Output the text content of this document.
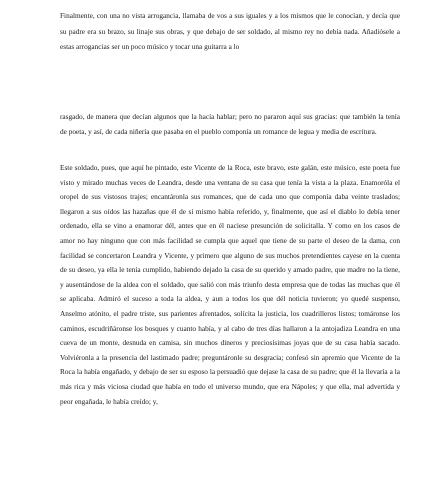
Finalmente, con una no vista arrogancia, llamaba de vos a sus iguales y a los mismos que le conocían, y decía que su padre era su brazo, su linaje sus obras, y que debajo de ser soldado, al mismo rey no debía nada. Añadiósele a estas arrogancias ser un poco músico y tocar una guitarra a lo

rasgado, de manera que decían algunos que la hacía hablar; pero no pararon aquí sus gracias: que también la tenía de poeta, y así, de cada niñería que pasaba en el pueblo componía un romance de legua y media de escritura.

Este soldado, pues, que aquí he pintado, este Vicente de la Roca, este bravo, este galán, este músico, este poeta fue visto y mirado muchas veces de Leandra, desde una ventana de su casa que tenía la vista a la plaza. Enamoróla el oropel de sus vistosos trajes; encantáronla sus romances, que de cada uno que componía daba veinte traslados; llegaron a sus oídos las hazañas que él de sí mismo había referido, y, finalmente, que así el diablo lo debía tener ordenado, ella se vino a enamorar dél, antes que en él naciese presunción de solicitalla. Y como en los casos de amor no hay ninguno que con más facilidad se cumpla que aquel que tiene de su parte el deseo de la dama, con facilidad se concertaron Leandra y Vicente, y primero que alguno de sus muchos pretendientes cayese en la cuenta de su deseo, ya ella le tenía cumplido, habiendo dejado la casa de su querido y amado padre, que madre no la tiene, y ausentándose de la aldea con el soldado, que salió con más triunfo desta empresa que de todas las muchas que él se aplicaba. Admiró el suceso a toda la aldea, y aun a todos los que dél noticia tuvieron; yo quedé suspenso, Anselmo atónito, el padre triste, sus parientes afrentados, solícita la justicia, los cuadrilleros listos; tomáronse los caminos, escudriñáronse los bosques y cuanto había, y al cabo de tres días hallaron a la antojadiza Leandra en una cueva de un monte, desnuda en camisa, sin muchos dineros y preciosísimas joyas que de su casa había sacado. Volviéronla a la presencia del lastimado padre; preguntáronle su desgracia; confesó sin apremio que Vicente de la Roca la había engañado, y debajo de ser su esposo la persuadió que dejase la casa de su padre; que él la llevaría a la más rica y más viciosa ciudad que había en todo el universo mundo, que era Nápoles; y que ella, mal advertida y peor engañada, le había creído; y,
